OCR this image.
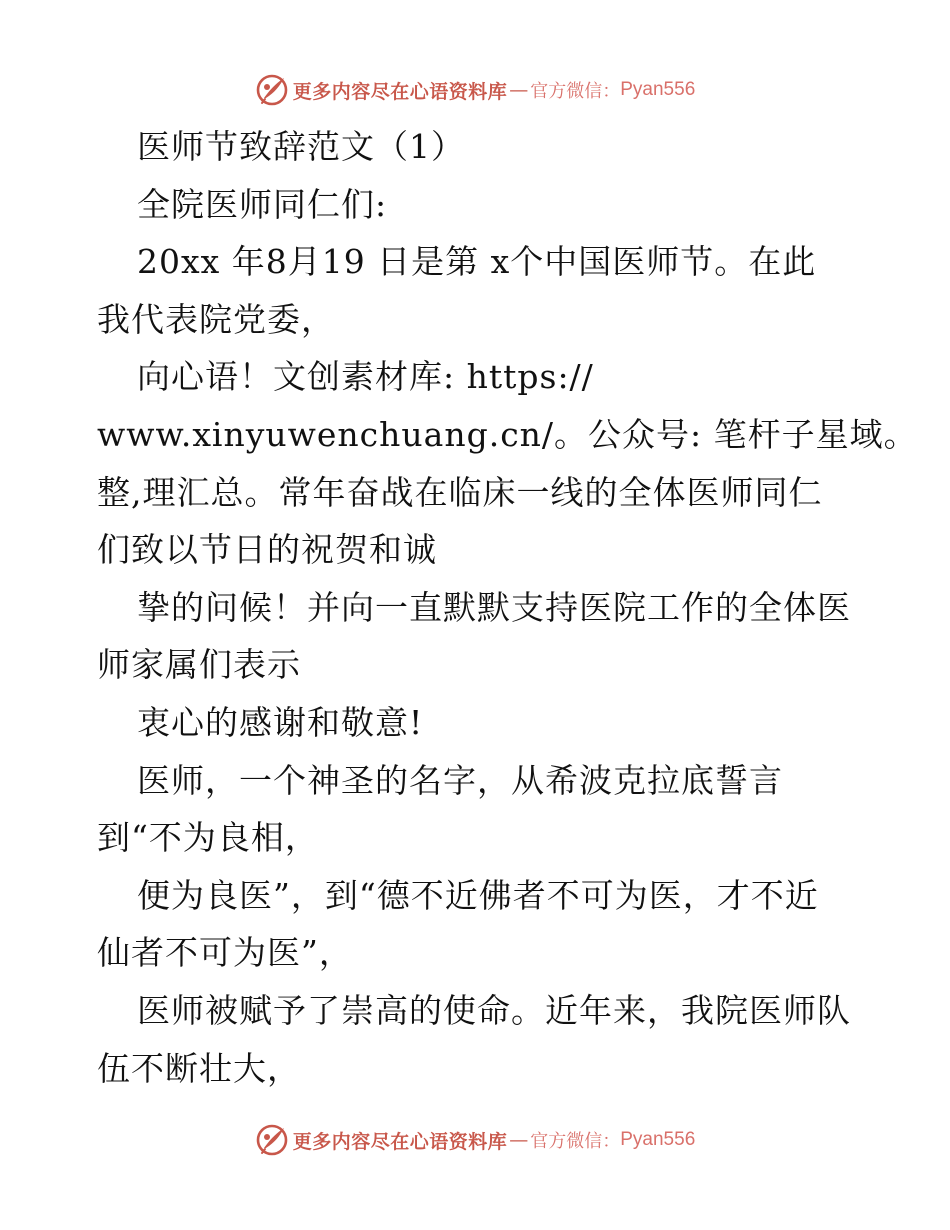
更多内容尽在心语资料库 — 官方微信： Pyan556
医师节致辞范文（1）
全院医师同仁们:
20xx 年8月19 日是第 x个中国医师节。在此
我代表院党委，
向心语！文创素材库: https://
www.xinyuwenchuang.cn/。公众号: 笔杆子星域。
整,理汇总。常年奋战在临床一线的全体医师同仁
们致以节日的祝贺和诚
挚的问候！并向一直默默支持医院工作的全体医
师家属们表示
衷心的感谢和敬意!
医师，一个神圣的名字，从希波克拉底誓言
到“不为良相，
便为良医”，到“德不近佛者不可为医，才不近
仙者不可为医”，
医师被赋予了崇高的使命。近年来，我院医师队
伍不断壮大，
更多内容尽在心语资料库 — 官方微信： Pyan556
